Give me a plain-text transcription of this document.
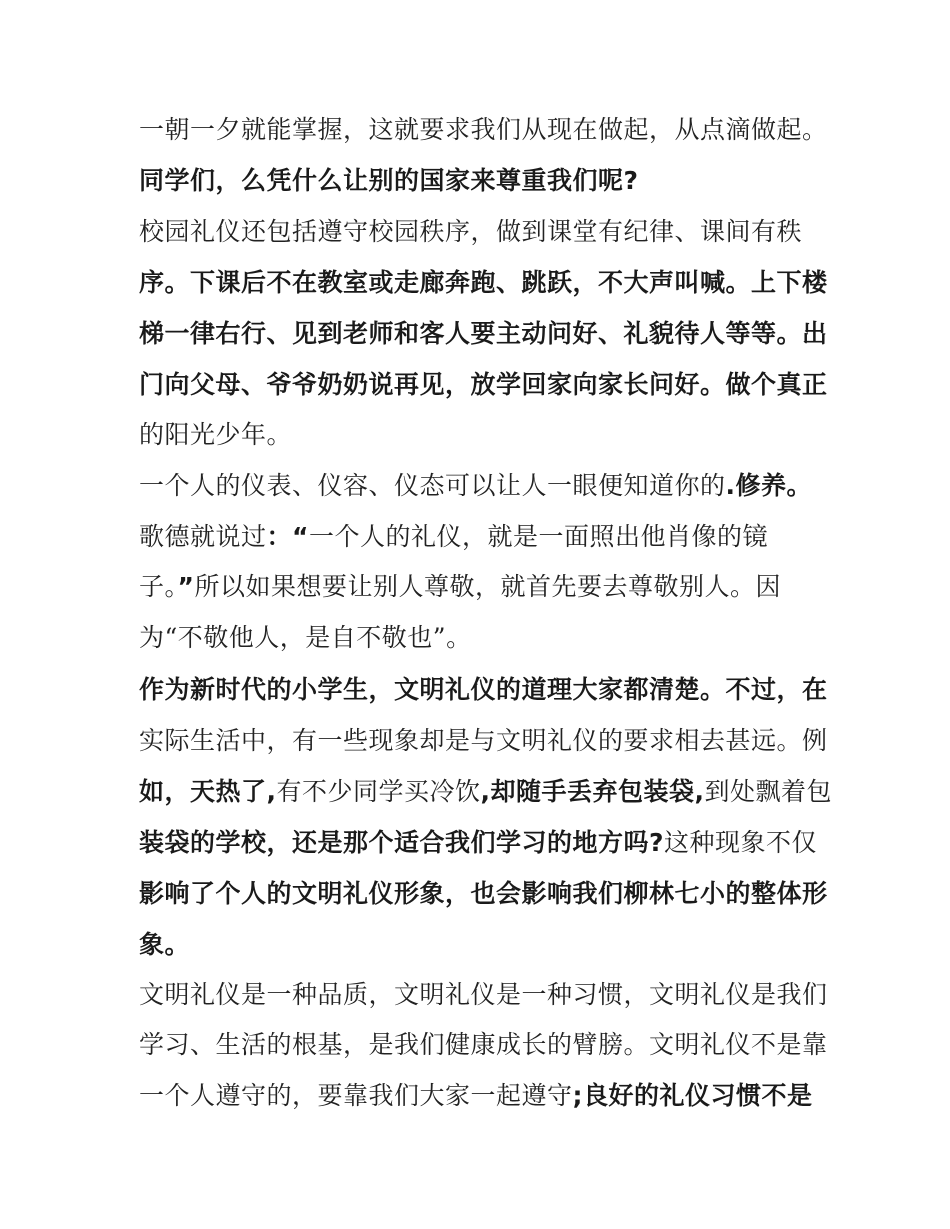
一朝一夕就能掌握，这就要求我们从现在做起，从点滴做起。
同学们，么凭什么让别的国家来尊重我们呢?
校园礼仪还包括遵守校园秩序，做到课堂有纪律、课间有秩
序。下课后不在教室或走廊奔跑、跳跃，不大声叫喊。上下楼
梯一律右行、见到老师和客人要主动问好、礼貌待人等等。出
门向父母、爷爷奶奶说再见，放学回家向家长问好。做个真正
的阳光少年。
一个人的仪表、仪容、仪态可以让人一眼便知道你的.修养。
歌德就说过：“一个人的礼仪，就是一面照出他肖像的镜
子。”所以如果想要让别人尊敬，就首先要去尊敬别人。因
为“不敬他人，是自不敬也”。
作为新时代的小学生，文明礼仪的道理大家都清楚。不过，在
实际生活中，有一些现象却是与文明礼仪的要求相去甚远。例
如，天热了,有不少同学买冷饮,却随手丢弃包装袋,到处飘着包
装袋的学校，还是那个适合我们学习的地方吗?这种现象不仅
影响了个人的文明礼仪形象，也会影响我们柳林七小的整体形
象。
文明礼仪是一种品质，文明礼仪是一种习惯，文明礼仪是我们
学习、生活的根基，是我们健康成长的臂膀。文明礼仪不是靠
一个人遵守的，要靠我们大家一起遵守;良好的礼仪习惯不是
